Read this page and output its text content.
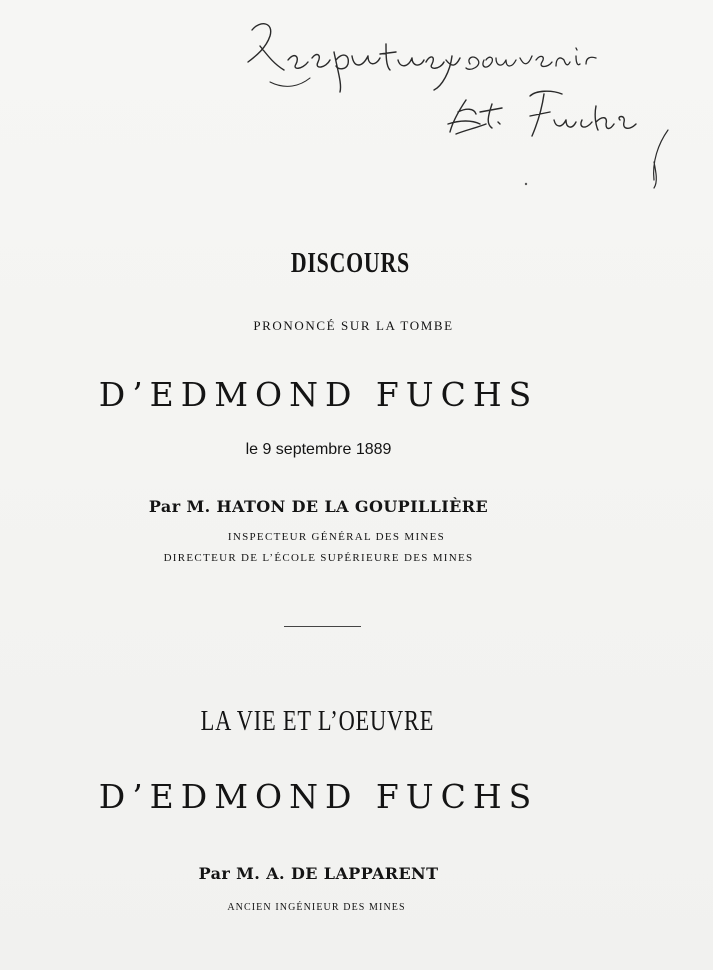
DISCOURS
PRONONCÉ SUR LA TOMBE
D’EDMOND FUCHS
le 9 septembre 1889
Par M. HATON DE LA GOUPILLIÈRE
INSPECTEUR GÉNÉRAL DES MINES
DIRECTEUR DE L’ÉCOLE SUPÉRIEURE DES MINES
LA VIE ET L’OEUVRE
D’EDMOND FUCHS
Par M. A. DE LAPPARENT
ANCIEN INGÉNIEUR DES MINES
